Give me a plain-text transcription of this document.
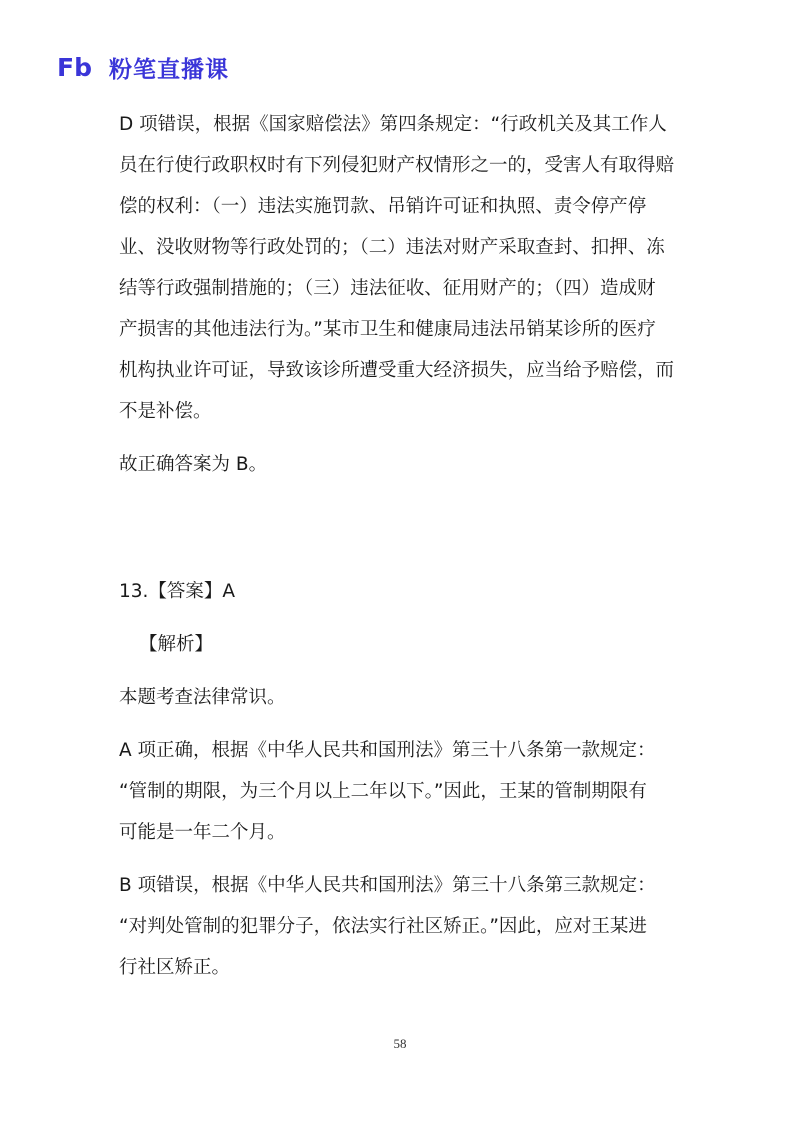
Fb 粉笔直播课

D 项错误，根据《国家赔偿法》第四条规定：“行政机关及其工作人

员在行使行政职权时有下列侵犯财产权情形之一的，受害人有取得赔

偿的权利：（一）违法实施罚款、吊销许可证和执照、责令停产停

业、没收财物等行政处罚的；（二）违法对财产采取查封、扣押、冻

结等行政强制措施的；（三）违法征收、征用财产的；（四）造成财

产损害的其他违法行为。”某市卫生和健康局违法吊销某诊所的医疗

机构执业许可证，导致该诊所遭受重大经济损失，应当给予赔偿，而

不是补偿。

故正确答案为 B。

13.【答案】A

【解析】

本题考查法律常识。

A 项正确，根据《中华人民共和国刑法》第三十八条第一款规定：

“管制的期限，为三个月以上二年以下。”因此，王某的管制期限有

可能是一年二个月。

B 项错误，根据《中华人民共和国刑法》第三十八条第三款规定：

“对判处管制的犯罪分子，依法实行社区矫正。”因此，应对王某进

行社区矫正。

58
